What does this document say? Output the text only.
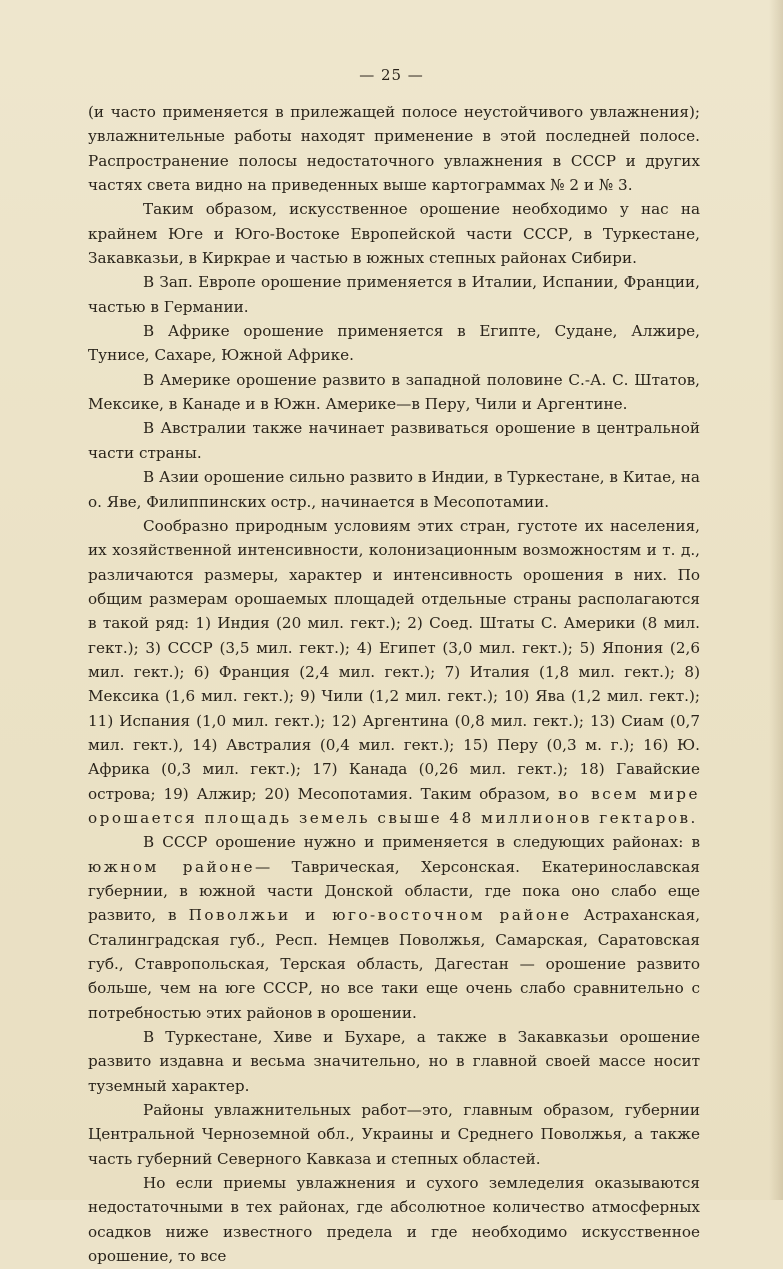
— 25 —

(и часто применяется в прилежащей полосе неустойчивого увлажнения); увлажнительные работы находят применение в этой последней полосе. Распространение полосы недостаточного увлажнения в СССР и других частях света видно на приведенных выше картограммах № 2 и № 3.

Таким образом, искусственное орошение необходимо у нас на крайнем Юге и Юго-Востоке Европейской части СССР, в Туркестане, Закавказьи, в Киркрае и частью в южных степных районах Сибири.

В Зап. Европе орошение применяется в Италии, Испании, Франции, частью в Германии.

В Африке орошение применяется в Египте, Судане, Алжире, Тунисе, Сахаре, Южной Африке.

В Америке орошение развито в западной половине С.-А. С. Штатов, Мексике, в Канаде и в Южн. Америке—в Перу, Чили и Аргентине.

В Австралии также начинает развиваться орошение в центральной части страны.

В Азии орошение сильно развито в Индии, в Туркестане, в Китае, на о. Яве, Филиппинских остр., начинается в Месопотамии.

Сообразно природным условиям этих стран, густоте их населения, их хозяйственной интенсивности, колонизационным возможностям и т. д., различаются размеры, характер и интенсивность орошения в них. По общим размерам орошаемых площадей отдельные страны располагаются в такой ряд: 1) Индия (20 мил. гект.); 2) Соед. Штаты С. Америки (8 мил. гект.); 3) СССР (3,5 мил. гект.); 4) Египет (3,0 мил. гект.); 5) Япония (2,6 мил. гект.); 6) Франция (2,4 мил. гект.); 7) Италия (1,8 мил. гект.); 8) Мексика (1,6 мил. гект.); 9) Чили (1,2 мил. гект.); 10) Ява (1,2 мил. гект.); 11) Испания (1,0 мил. гект.); 12) Аргентина (0,8 мил. гект.); 13) Сиам (0,7 мил. гект.), 14) Австралия (0,4 мил. гект.); 15) Перу (0,3 м. г.); 16) Ю. Африка (0,3 мил. гект.); 17) Канада (0,26 мил. гект.); 18) Гавайские острова; 19) Алжир; 20) Месопотамия. Таким образом, во всем мире орошается площадь земель свыше 48 миллионов гектаров.

В СССР орошение нужно и применяется в следующих районах: в южном районе— Таврическая, Херсонская. Екатеринославская губернии, в южной части Донской области, где пока оно слабо еще развито, в Поволжьи и юго-восточном районе Астраханская, Сталинградская губ., Респ. Немцев Поволжья, Самарская, Саратовская губ., Ставропольская, Терская область, Дагестан — орошение развито больше, чем на юге СССР, но все таки еще очень слабо сравнительно с потребностью этих районов в орошении.

В Туркестане, Хиве и Бухаре, а также в Закавказьи орошение развито издавна и весьма значительно, но в главной своей массе носит туземный характер.

Районы увлажнительных работ—это, главным образом, губернии Центральной Черноземной обл., Украины и Среднего Поволжья, а также часть губерний Северного Кавказа и степных областей.

Но если приемы увлажнения и сухого земледелия оказываются недостаточными в тех районах, где абсолютное количество атмосферных осадков ниже известного предела и где необходимо искусственное орошение, то все
